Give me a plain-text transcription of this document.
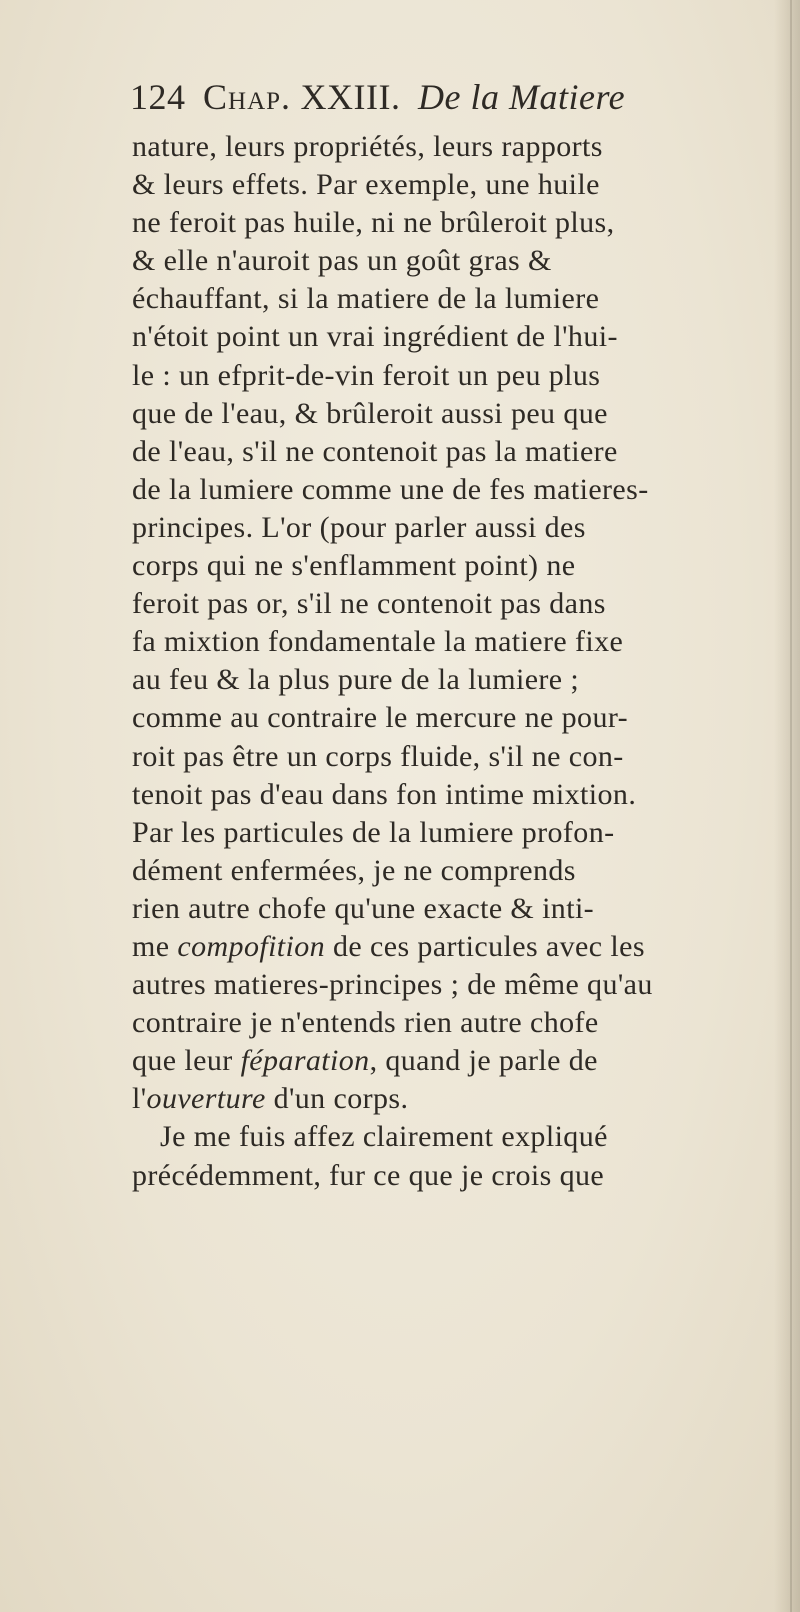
124 Chap. XXIII. De la Matiere
nature, leurs propriétés, leurs rapports
& leurs effets. Par exemple, une huile
ne feroit pas huile, ni ne brûleroit plus,
& elle n'auroit pas un goût gras &
échauffant, si la matiere de la lumiere
n'étoit point un vrai ingrédient de l'hui-
le : un efprit-de-vin feroit un peu plus
que de l'eau, & brûleroit aussi peu que
de l'eau, s'il ne contenoit pas la matiere
de la lumiere comme une de fes matieres-
principes. L'or (pour parler aussi des
corps qui ne s'enflamment point) ne
feroit pas or, s'il ne contenoit pas dans
fa mixtion fondamentale la matiere fixe
au feu & la plus pure de la lumiere ;
comme au contraire le mercure ne pour-
roit pas être un corps fluide, s'il ne con-
tenoit pas d'eau dans fon intime mixtion.
Par les particules de la lumiere profon-
dément enfermées, je ne comprends
rien autre chofe qu'une exacte & inti-
me compofition de ces particules avec les
autres matieres-principes ; de même qu'au
contraire je n'entends rien autre chofe
que leur féparation, quand je parle de
l'ouverture d'un corps.
Je me fuis affez clairement expliqué
précédemment, fur ce que je crois que
